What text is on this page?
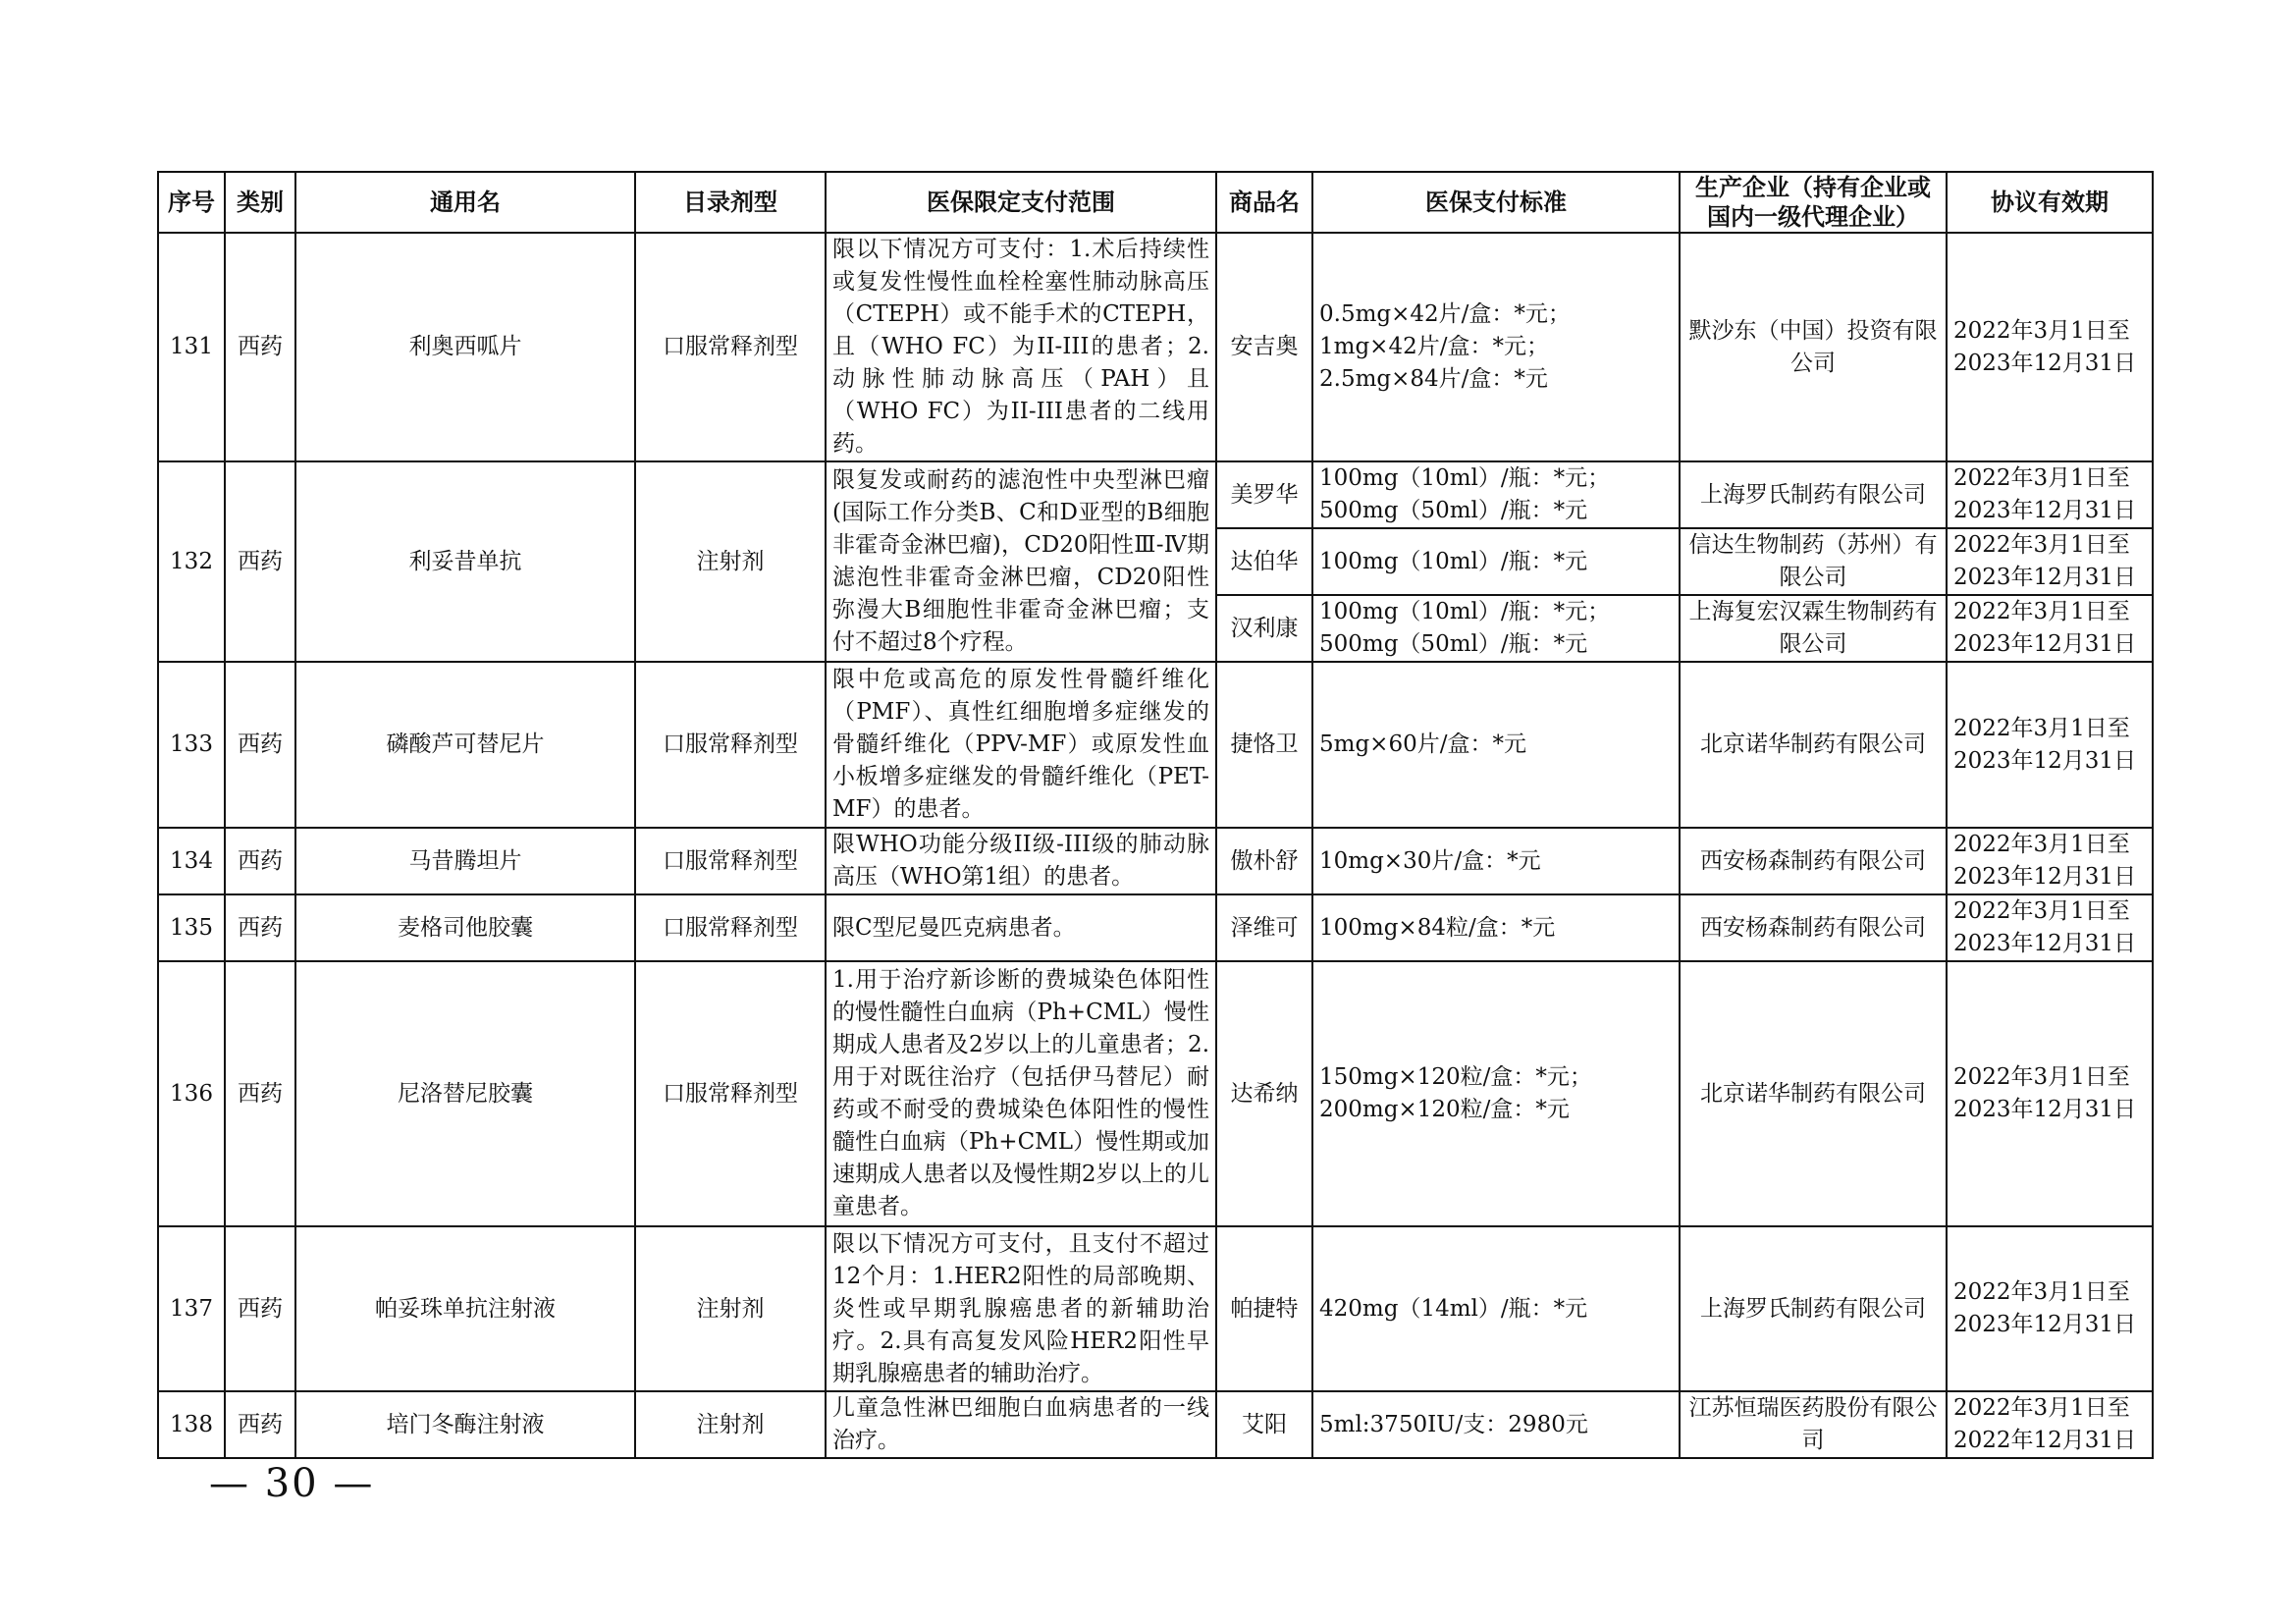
序号	类别	通用名	目录剂型	医保限定支付范围	商品名	医保支付标准	生产企业（持有企业或国内一级代理企业）	协议有效期
131	西药	利奥西呱片	口服常释剂型	限以下情况方可支付：1.术后持续性或复发性慢性血栓栓塞性肺动脉高压（CTEPH）或不能手术的CTEPH，且（WHO FC）为II-III的患者；2.动脉性肺动脉高压（PAH）且（WHO FC）为II-III患者的二线用药。	安吉奥	0.5mg×42片/盒：*元；
1mg×42片/盒：*元；
2.5mg×84片/盒：*元	默沙东（中国）投资有限公司	2022年3月1日至
2023年12月31日

132	西药	利妥昔单抗	注射剂	限复发或耐药的滤泡性中央型淋巴瘤(国际工作分类B、C和D亚型的B细胞非霍奇金淋巴瘤)，CD20阳性Ⅲ-Ⅳ期滤泡性非霍奇金淋巴瘤，CD20阳性弥漫大B细胞性非霍奇金淋巴瘤；支付不超过8个疗程。	美罗华	100mg（10ml）/瓶：*元；
500mg（50ml）/瓶：*元	上海罗氏制药有限公司	2022年3月1日至
2023年12月31日

					达伯华	100mg（10ml）/瓶：*元	信达生物制药（苏州）有限公司	2022年3月1日至
2023年12月31日

					汉利康	100mg（10ml）/瓶：*元；
500mg（50ml）/瓶：*元	上海复宏汉霖生物制药有限公司	2022年3月1日至
2023年12月31日

133	西药	磷酸芦可替尼片	口服常释剂型	限中危或高危的原发性骨髓纤维化（PMF）、真性红细胞增多症继发的骨髓纤维化（PPV-MF）或原发性血小板增多症继发的骨髓纤维化（PET-MF）的患者。	捷恪卫	5mg×60片/盒：*元	北京诺华制药有限公司	2022年3月1日至
2023年12月31日

134	西药	马昔腾坦片	口服常释剂型	限WHO功能分级II级-III级的肺动脉高压（WHO第1组）的患者。	傲朴舒	10mg×30片/盒：*元	西安杨森制药有限公司	2022年3月1日至
2023年12月31日

135	西药	麦格司他胶囊	口服常释剂型	限C型尼曼匹克病患者。	泽维可	100mg×84粒/盒：*元	西安杨森制药有限公司	2022年3月1日至
2023年12月31日

136	西药	尼洛替尼胶囊	口服常释剂型	1.用于治疗新诊断的费城染色体阳性的慢性髓性白血病（Ph+CML）慢性期成人患者及2岁以上的儿童患者；2.用于对既往治疗（包括伊马替尼）耐药或不耐受的费城染色体阳性的慢性髓性白血病（Ph+CML）慢性期或加速期成人患者以及慢性期2岁以上的儿童患者。	达希纳	150mg×120粒/盒：*元；
200mg×120粒/盒：*元	北京诺华制药有限公司	2022年3月1日至
2023年12月31日

137	西药	帕妥珠单抗注射液	注射剂	限以下情况方可支付，且支付不超过12个月：1.HER2阳性的局部晚期、炎性或早期乳腺癌患者的新辅助治疗。2.具有高复发风险HER2阳性早期乳腺癌患者的辅助治疗。	帕捷特	420mg（14ml）/瓶：*元	上海罗氏制药有限公司	2022年3月1日至
2023年12月31日

138	西药	培门冬酶注射液	注射剂	儿童急性淋巴细胞白血病患者的一线治疗。	艾阳	5ml:3750IU/支：2980元	江苏恒瑞医药股份有限公司	2022年3月1日至
2022年12月31日
— 30 —
